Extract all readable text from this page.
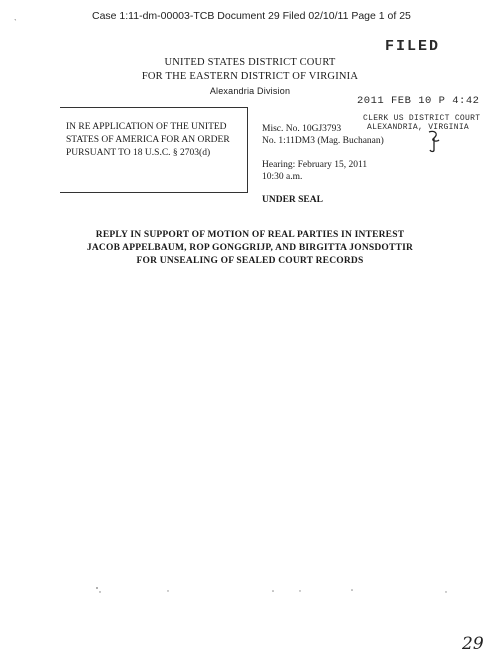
`
Case 1:11-dm-00003-TCB Document 29 Filed 02/10/11 Page 1 of 25
FILED
2011 FEB 10 P 4:42
CLERK US DISTRICT COURT
ALEXANDRIA, VIRGINIA
UNITED STATES DISTRICT COURT
FOR THE EASTERN DISTRICT OF VIRGINIA
Alexandria Division
IN RE APPLICATION OF THE UNITED
STATES OF AMERICA FOR AN ORDER
PURSUANT TO 18 U.S.C. § 2703(d)
Misc. No. 10GJ3793
No. 1:11DM3 (Mag. Buchanan)
Hearing: February 15, 2011
10:30 a.m.
UNDER SEAL
REPLY IN SUPPORT OF MOTION OF REAL PARTIES IN INTEREST
JACOB APPELBAUM, ROP GONGGRIJP, AND BIRGITTA JONSDOTTIR
FOR UNSEALING OF SEALED COURT RECORDS
29
